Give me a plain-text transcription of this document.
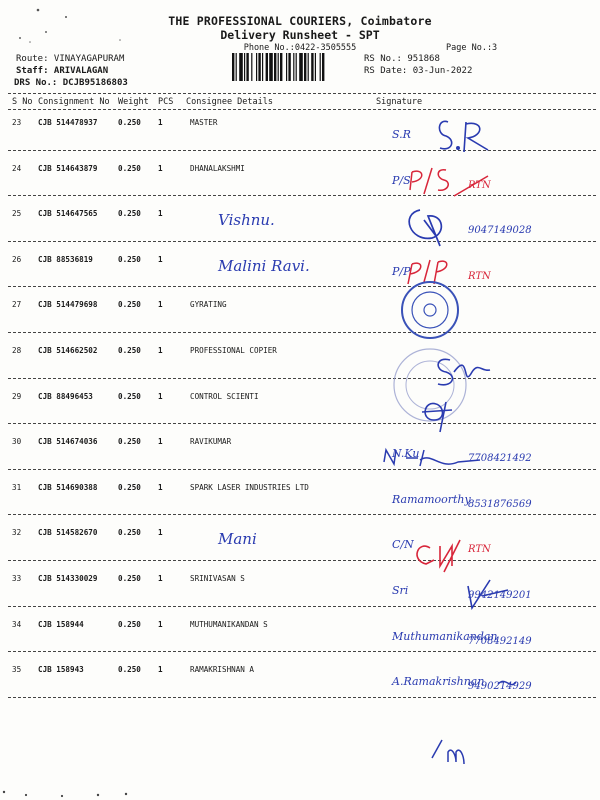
THE PROFESSIONAL COURIERS, Coimbatore
Delivery Runsheet - SPT
Phone No.:0422-3505555	Page No.:3
Route: VINAYAGAPURAM
Staff: ARIVALAGAN
DRS No.: DCJB95186803
RS No.: 951868
RS Date: 03-Jun-2022
S No Consignment No Weight PCS Consignee Details	Signature
23 CJB 514478937	0.250 1	MASTER
S.R
24 CJB 514643879	0.250 1	DHANALAKSHMI
P/S	RTN
25 CJB 514647565	0.250 1	Vishnu.
9047149028
26 CJB 88536819	0.250 1	Malini Ravi.	P/P	RTN
27 CJB 514479698	0.250 1	GYRATING
28 CJB 514662502	0.250 1	PROFESSIONAL COPIER
29 CJB 88496453	0.250 1	CONTROL SCIENTI
30 CJB 514674036	0.250 1	RAVIKUMAR
N.Ku	7708421492
31 CJB 514690388	0.250 1	SPARK LASER INDUSTRIES LTD
Ramamoorthy
8531876569
32 CJB 514582670	0.250 1	Mani	C/N	RTN
33 CJB 514330029	0.250 1	SRINIVASAN S
Sri	9942149201
34 CJB 158944	0.250 1	MUTHUMANIKANDAN S
Muthumanikandan
7708492149
35 CJB 158943	0.250 1	RAMAKRISHNAN A
A.Ramakrishnan
9490214929
